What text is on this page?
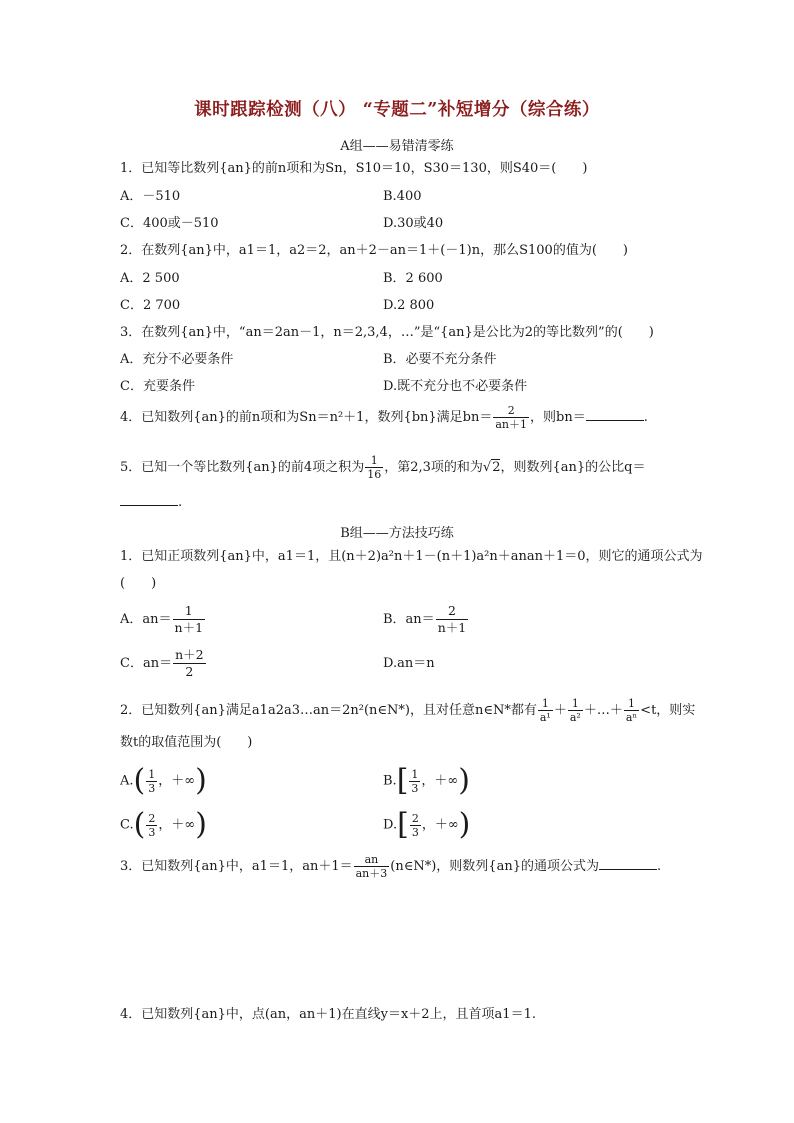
课时跟踪检测（八） “专题二”补短增分（综合练）
A组——易错清零练
1．已知等比数列{an}的前n项和为Sn，S10＝10，S30＝130，则S40＝(　　)
A．－510	B.400
C．400或－510	D.30或40
2．在数列{an}中，a1＝1，a2＝2，an＋2－an＝1＋(－1)n，那么S100的值为(　　)
A．2 500	B．2 600
C．2 700	D.2 800
3．在数列{an}中，“an＝2an－1，n＝2,3,4，…”是“{an}是公比为2的等比数列”的(　　)
A．充分不必要条件	B．必要不充分条件
C．充要条件	D.既不充分也不必要条件
4．已知数列{an}的前n项和为Sn＝n²＋1，数列{bn}满足$bn= \frac{2}{an+1}$ ，则bn＝	.
5．已知一个等比数列{an}的前4项之积为 $\frac{1}{16}$ ，第2,3项的和为√2，则数列{an}的公比q＝
.
B组——方法技巧练
1．已知正项数列{an}中，a1＝1，且(n＋2)a²n＋1－(n＋1)a²n＋anan＋1＝0，则它的通项公式为
(　　)
A．$an= \frac{1}{n+1}$	B．$an= \frac{2}{n+1}$
C．$an= \frac{n+2}{2}$	D.an＝n
2．已知数列{an}满足a1a2a3…an＝2n²(n∈N*)，且对任意n∈N*都有 $\frac{1}{\text{a¹}} + \frac{1}{\text{a²}}$ ＋…＋ $\frac{1}{\text{aⁿ}} <t$，则实
数t的取值范围为(　　)
$A.( \frac{1}{3}$ ，＋∞)	$B.[ \frac{1}{3}$ ，＋∞)
$C.( \frac{2}{3}$ ，＋∞)	$D.[ \frac{2}{3}$ ，＋∞)
3．已知数列{an}中，a1＝1，$an+1= \frac{an}{an+3}$ (n∈N*)，则数列{an}的通项公式为	.
4．已知数列{an}中，点(an，an＋1)在直线y＝x＋2上，且首项a1＝1.
